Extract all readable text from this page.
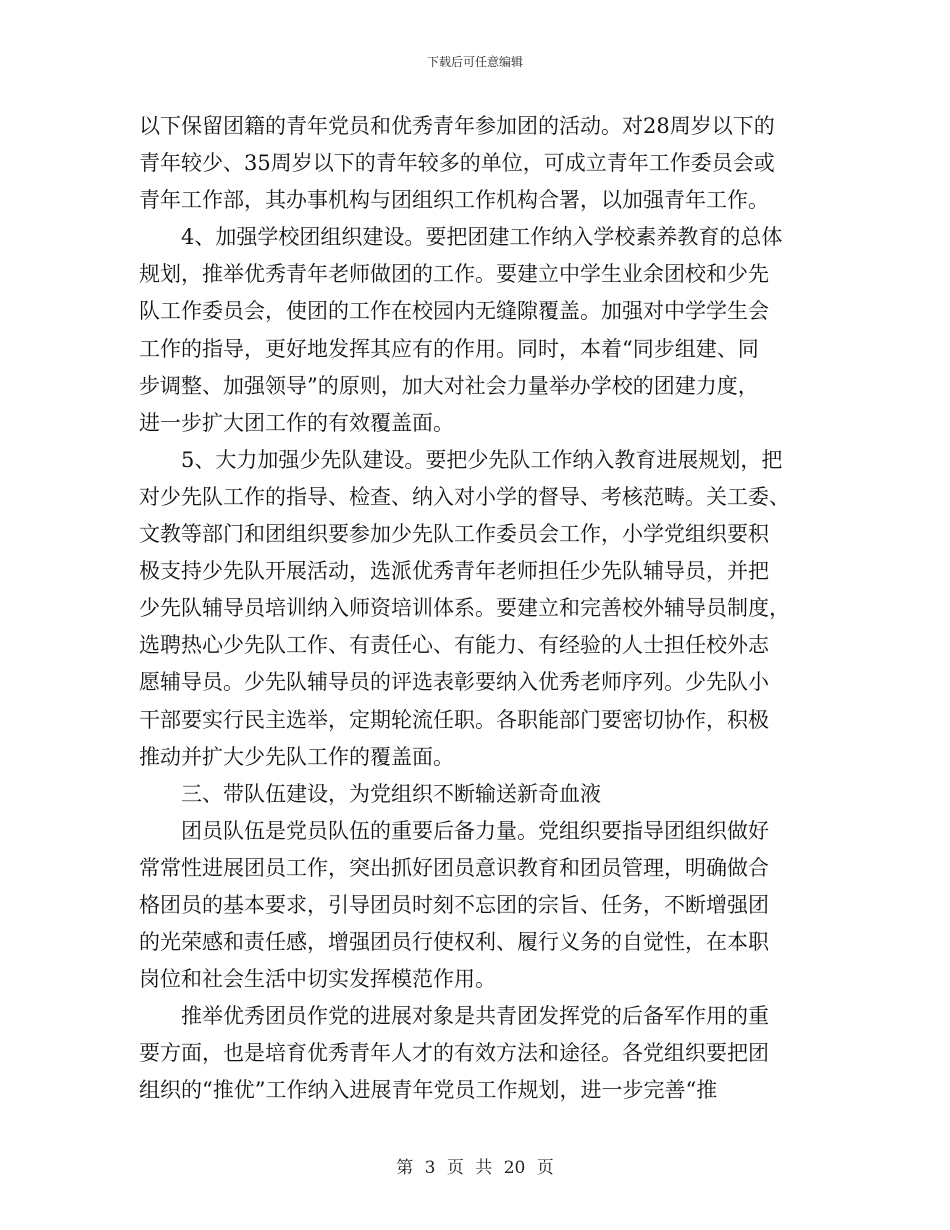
下载后可任意编辑
以下保留团籍的青年党员和优秀青年参加团的活动。对28周岁以下的
青年较少、35周岁以下的青年较多的单位，可成立青年工作委员会或
青年工作部，其办事机构与团组织工作机构合署，以加强青年工作。
4、加强学校团组织建设。要把团建工作纳入学校素养教育的总体
规划，推举优秀青年老师做团的工作。要建立中学生业余团校和少先
队工作委员会，使团的工作在校园内无缝隙覆盖。加强对中学学生会
工作的指导，更好地发挥其应有的作用。同时，本着“同步组建、同
步调整、加强领导”的原则，加大对社会力量举办学校的团建力度，
进一步扩大团工作的有效覆盖面。
5、大力加强少先队建设。要把少先队工作纳入教育进展规划，把
对少先队工作的指导、检查、纳入对小学的督导、考核范畴。关工委、
文教等部门和团组织要参加少先队工作委员会工作，小学党组织要积
极支持少先队开展活动，选派优秀青年老师担任少先队辅导员，并把
少先队辅导员培训纳入师资培训体系。要建立和完善校外辅导员制度，
选聘热心少先队工作、有责任心、有能力、有经验的人士担任校外志
愿辅导员。少先队辅导员的评选表彰要纳入优秀老师序列。少先队小
干部要实行民主选举，定期轮流任职。各职能部门要密切协作，积极
推动并扩大少先队工作的覆盖面。
三、带队伍建设，为党组织不断输送新奇血液
团员队伍是党员队伍的重要后备力量。党组织要指导团组织做好
常常性进展团员工作，突出抓好团员意识教育和团员管理，明确做合
格团员的基本要求，引导团员时刻不忘团的宗旨、任务，不断增强团
的光荣感和责任感，增强团员行使权利、履行义务的自觉性，在本职
岗位和社会生活中切实发挥模范作用。
推举优秀团员作党的进展对象是共青团发挥党的后备军作用的重
要方面，也是培育优秀青年人才的有效方法和途径。各党组织要把团
组织的“推优”工作纳入进展青年党员工作规划，进一步完善“推
第 3 页 共 20 页
